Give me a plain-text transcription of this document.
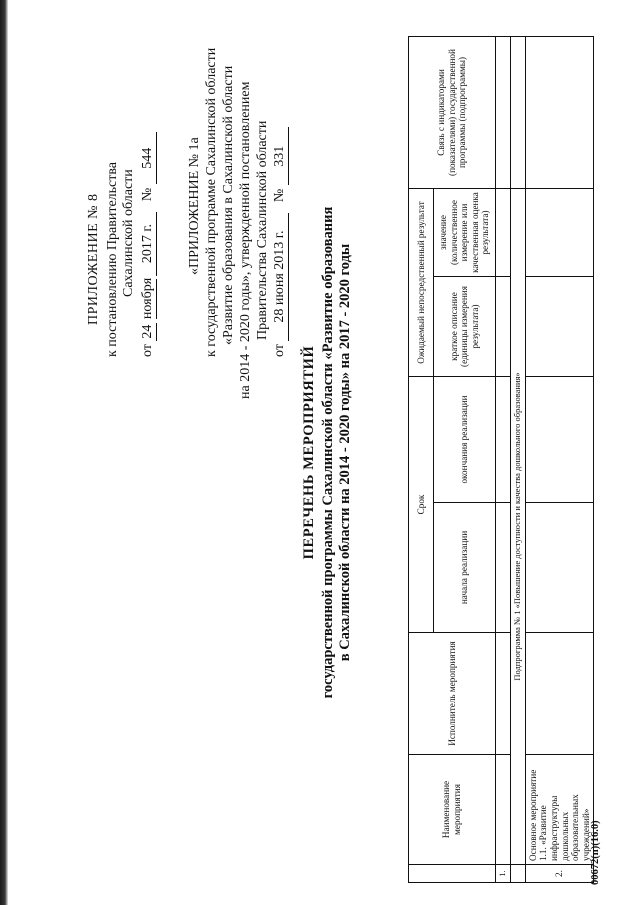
ПРИЛОЖЕНИЕ № 8 к постановлению Правительства Сахалинской области
от 24 ноября 2017 г.   № 544 «ПРИЛОЖЕНИЕ № 1а к государственной программе Сахалинской области «Развитие образования в Сахалинской области на 2014 - 2020 годы», утвержденной постановлением Правительства Сахалинской области
от 28 июня 2013 г.   № 331
ПЕРЕЧЕНЬ МЕРОПРИЯТИЙ государственной программы Сахалинской области «Развитие образования в Сахалинской области на 2014 - 2020 годы» на 2017 - 2020 годы
	Наименование мероприятия	Исполнитель мероприятия	Срок		Ожидаемый непосредственный результат		Связь с индикаторами (показателями) государственной программы (подпрограммы)
			начала реализации	окончания реализации	краткое описание (единицы измерения результата)	значение (количественное измерение или качественная оценка результата)	
1.							
	Подпрограмма № 1 «Повышение доступности и качества дошкольного образования»						
2.	Основное мероприятие 1.1. «Развитие инфраструктуры дошкольных образовательных учреждений»						00672(п)(16.0)
